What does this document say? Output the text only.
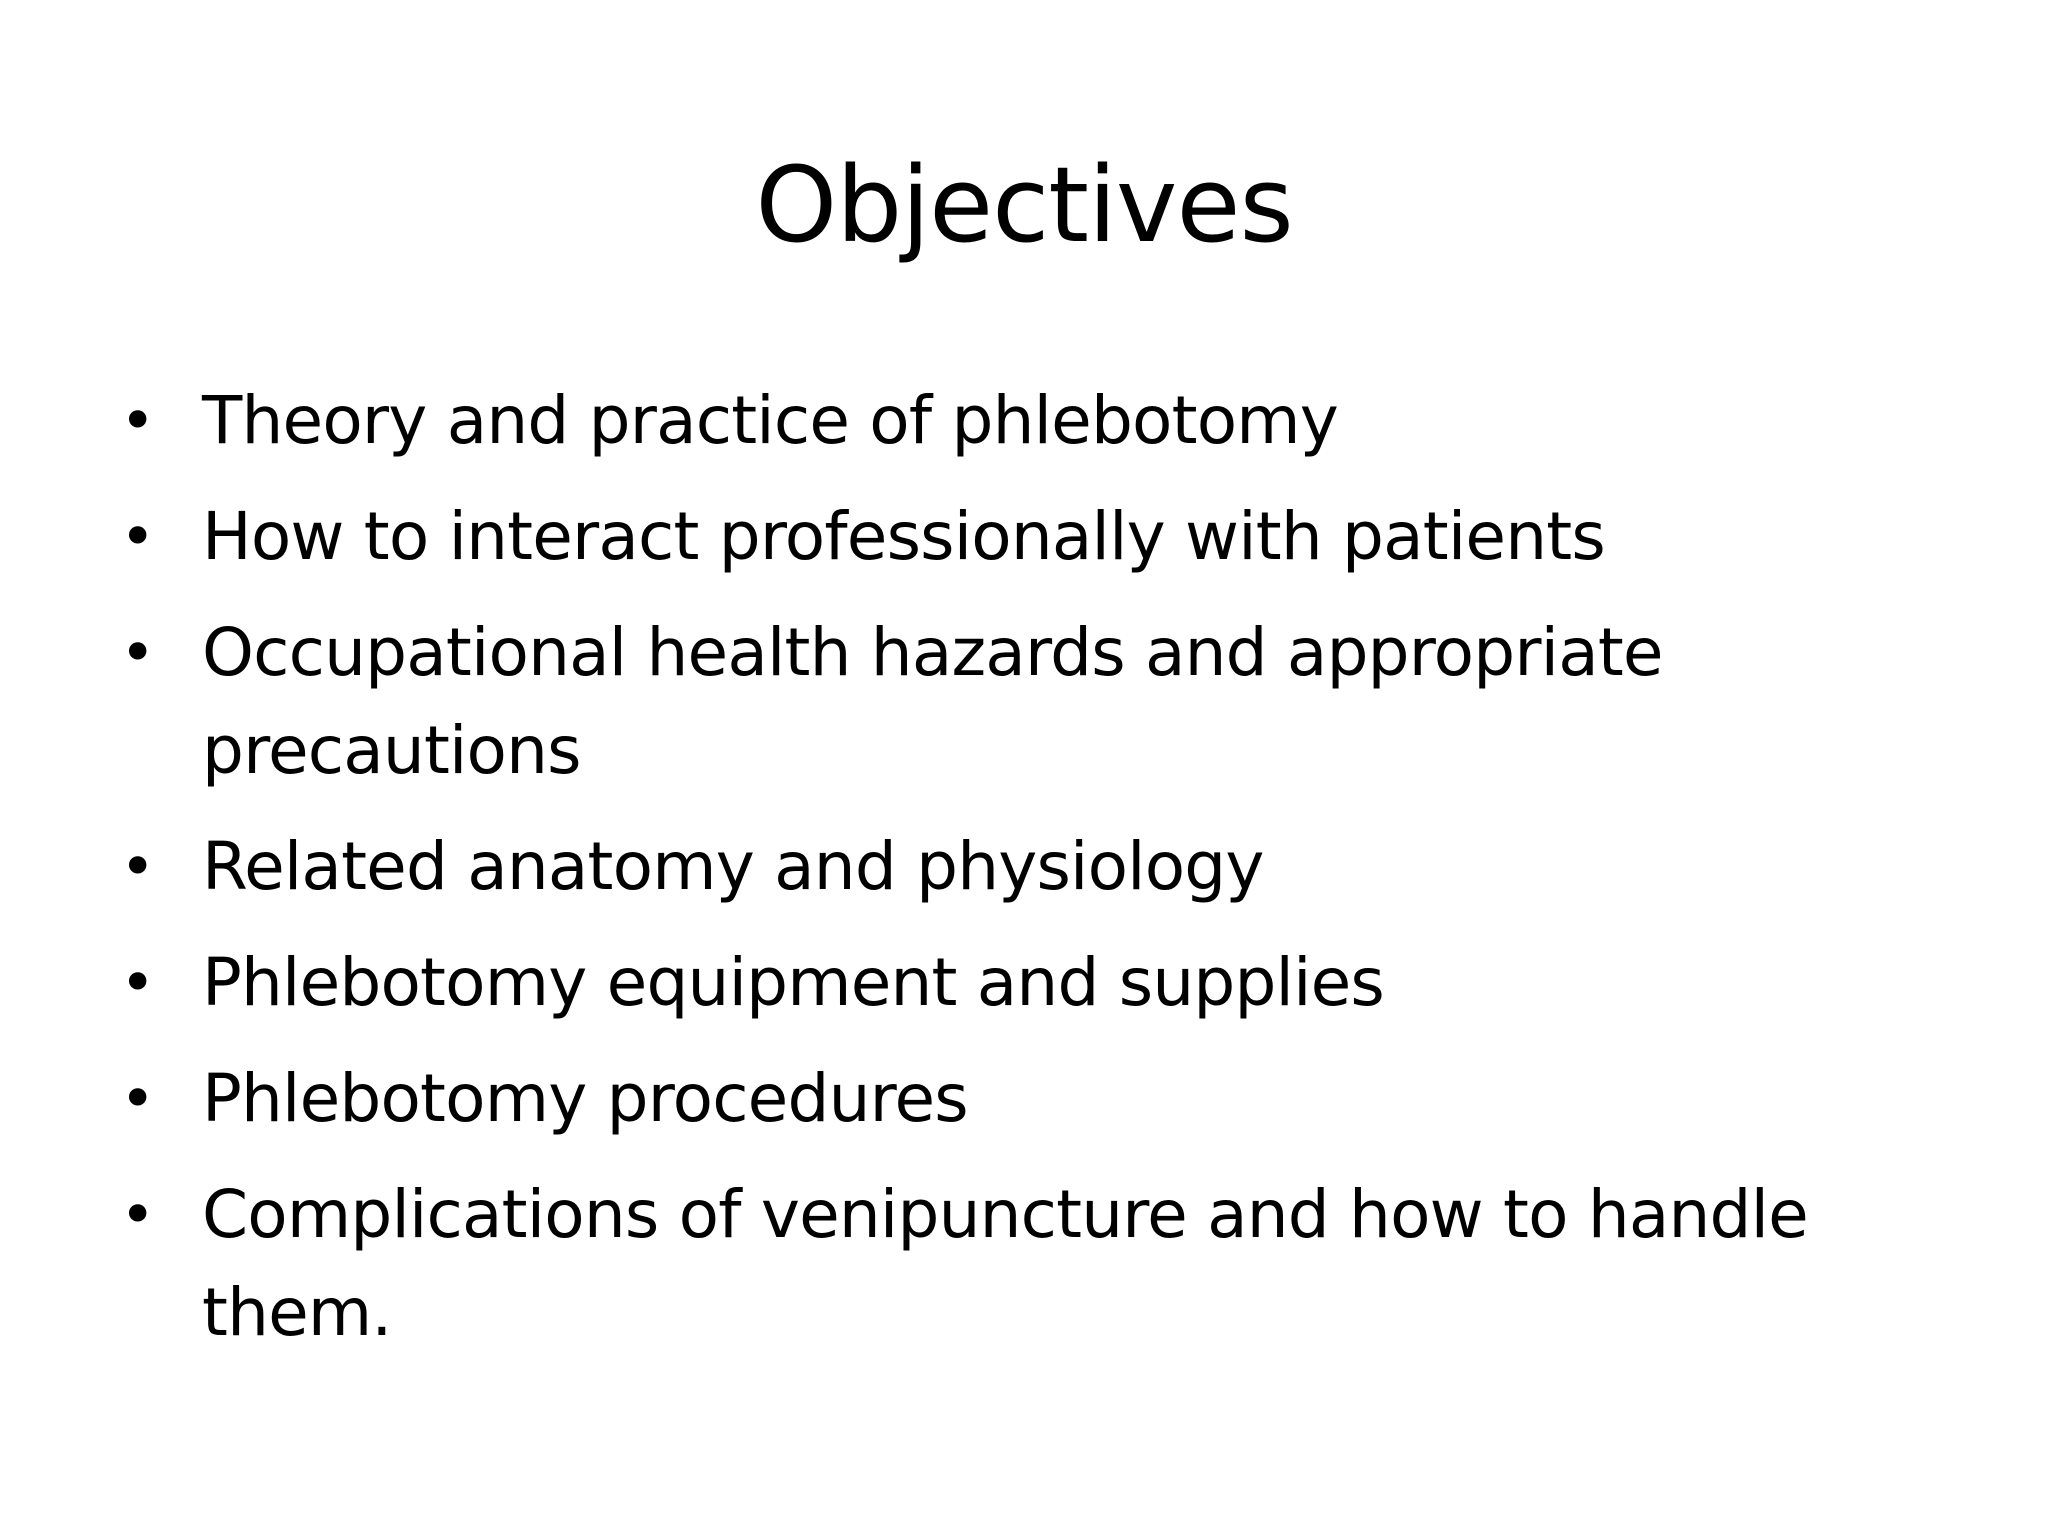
Objectives
• Theory and practice of phlebotomy
• How to interact professionally with patients
• Occupational health hazards and appropriate precautions
• Related anatomy and physiology
• Phlebotomy equipment and supplies
• Phlebotomy procedures
• Complications of venipuncture and how to handle them.
